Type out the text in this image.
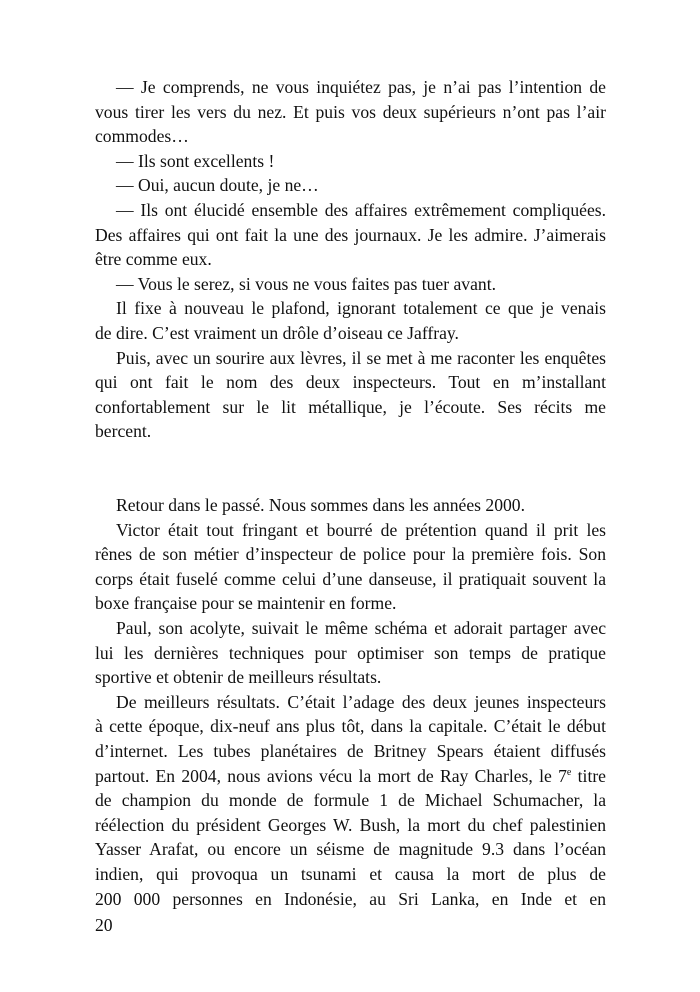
— Je comprends, ne vous inquiétez pas, je n’ai pas l’intention de
vous tirer les vers du nez. Et puis vos deux supérieurs n’ont pas l’air
commodes…
— Ils sont excellents !
— Oui, aucun doute, je ne…
— Ils ont élucidé ensemble des affaires extrêmement compliquées.
Des affaires qui ont fait la une des journaux. Je les admire. J’aimerais
être comme eux.
— Vous le serez, si vous ne vous faites pas tuer avant.
Il fixe à nouveau le plafond, ignorant totalement ce que je venais
de dire. C’est vraiment un drôle d’oiseau ce Jaffray.
Puis, avec un sourire aux lèvres, il se met à me raconter les enquêtes
qui ont fait le nom des deux inspecteurs. Tout en m’installant
confortablement sur le lit métallique, je l’écoute. Ses récits me
bercent.
Retour dans le passé. Nous sommes dans les années 2000.
Victor était tout fringant et bourré de prétention quand il prit les
rênes de son métier d’inspecteur de police pour la première fois. Son
corps était fuselé comme celui d’une danseuse, il pratiquait souvent la
boxe française pour se maintenir en forme.
Paul, son acolyte, suivait le même schéma et adorait partager avec
lui les dernières techniques pour optimiser son temps de pratique
sportive et obtenir de meilleurs résultats.
De meilleurs résultats. C’était l’adage des deux jeunes inspecteurs
à cette époque, dix-neuf ans plus tôt, dans la capitale. C’était le début
d’internet. Les tubes planétaires de Britney Spears étaient diffusés
partout. En 2004, nous avions vécu la mort de Ray Charles, le 7e titre
de champion du monde de formule 1 de Michael Schumacher, la
réélection du président Georges W. Bush, la mort du chef palestinien
Yasser Arafat, ou encore un séisme de magnitude 9.3 dans l’océan
indien, qui provoqua un tsunami et causa la mort de plus de
200 000 personnes en Indonésie, au Sri Lanka, en Inde et en
20
